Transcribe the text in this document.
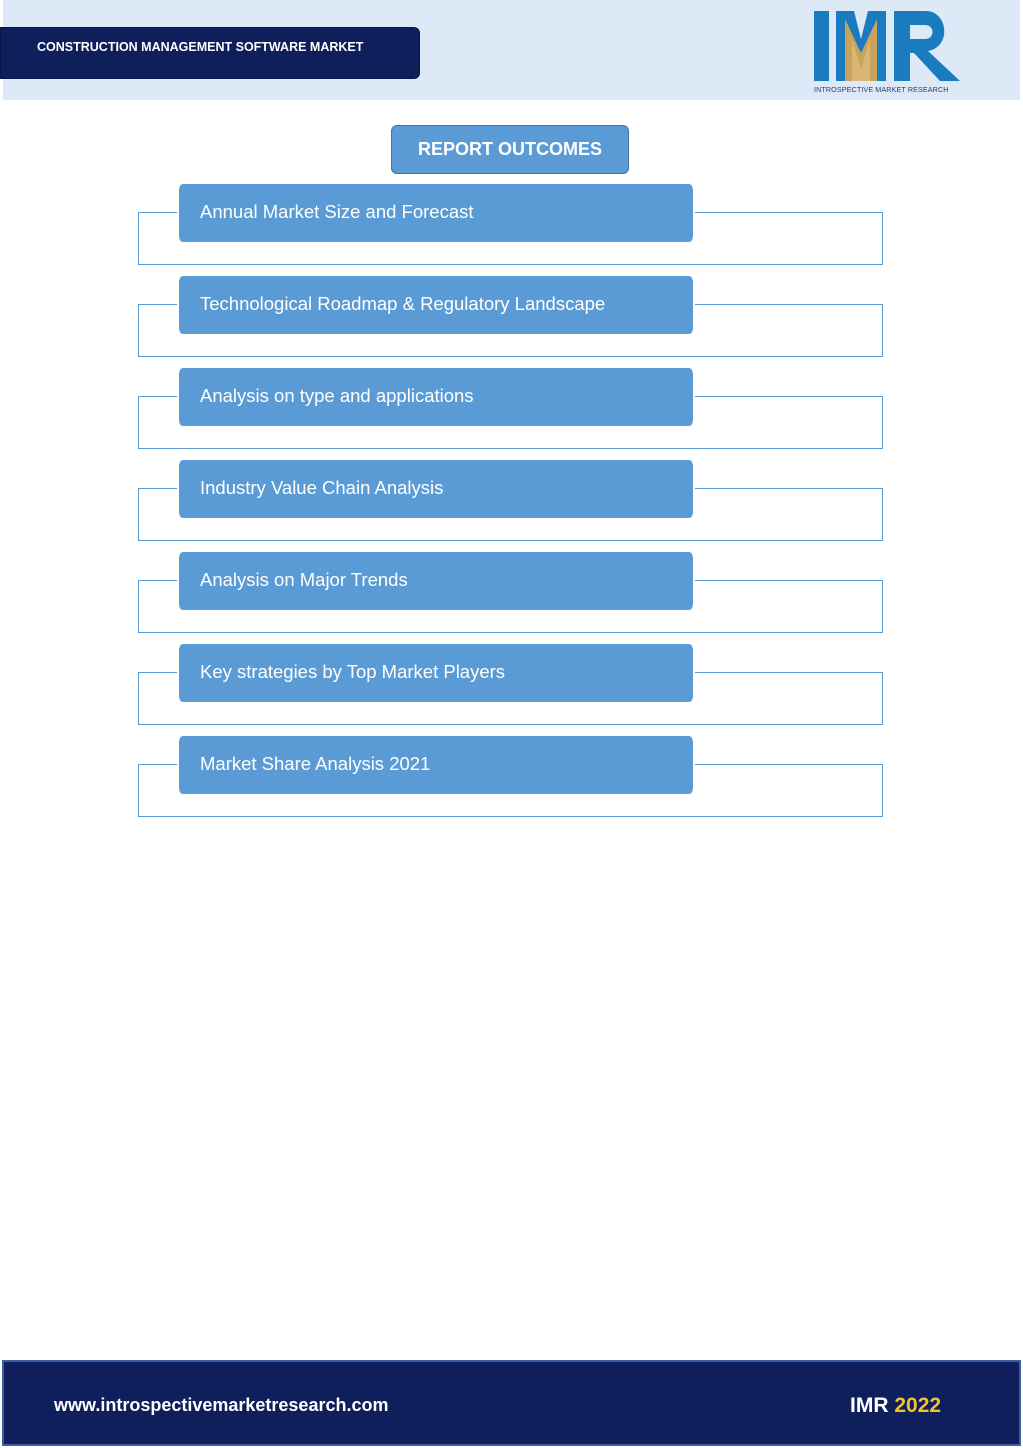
CONSTRUCTION MANAGEMENT SOFTWARE MARKET
INTROSPECTIVE MARKET RESEARCH
REPORT OUTCOMES
Annual Market Size and Forecast
Technological Roadmap & Regulatory Landscape
Analysis on type and applications
Industry Value Chain Analysis
Analysis on Major Trends
Key strategies by Top Market Players
Market Share Analysis 2021
www.introspectivemarketresearch.com	IMR 2022
